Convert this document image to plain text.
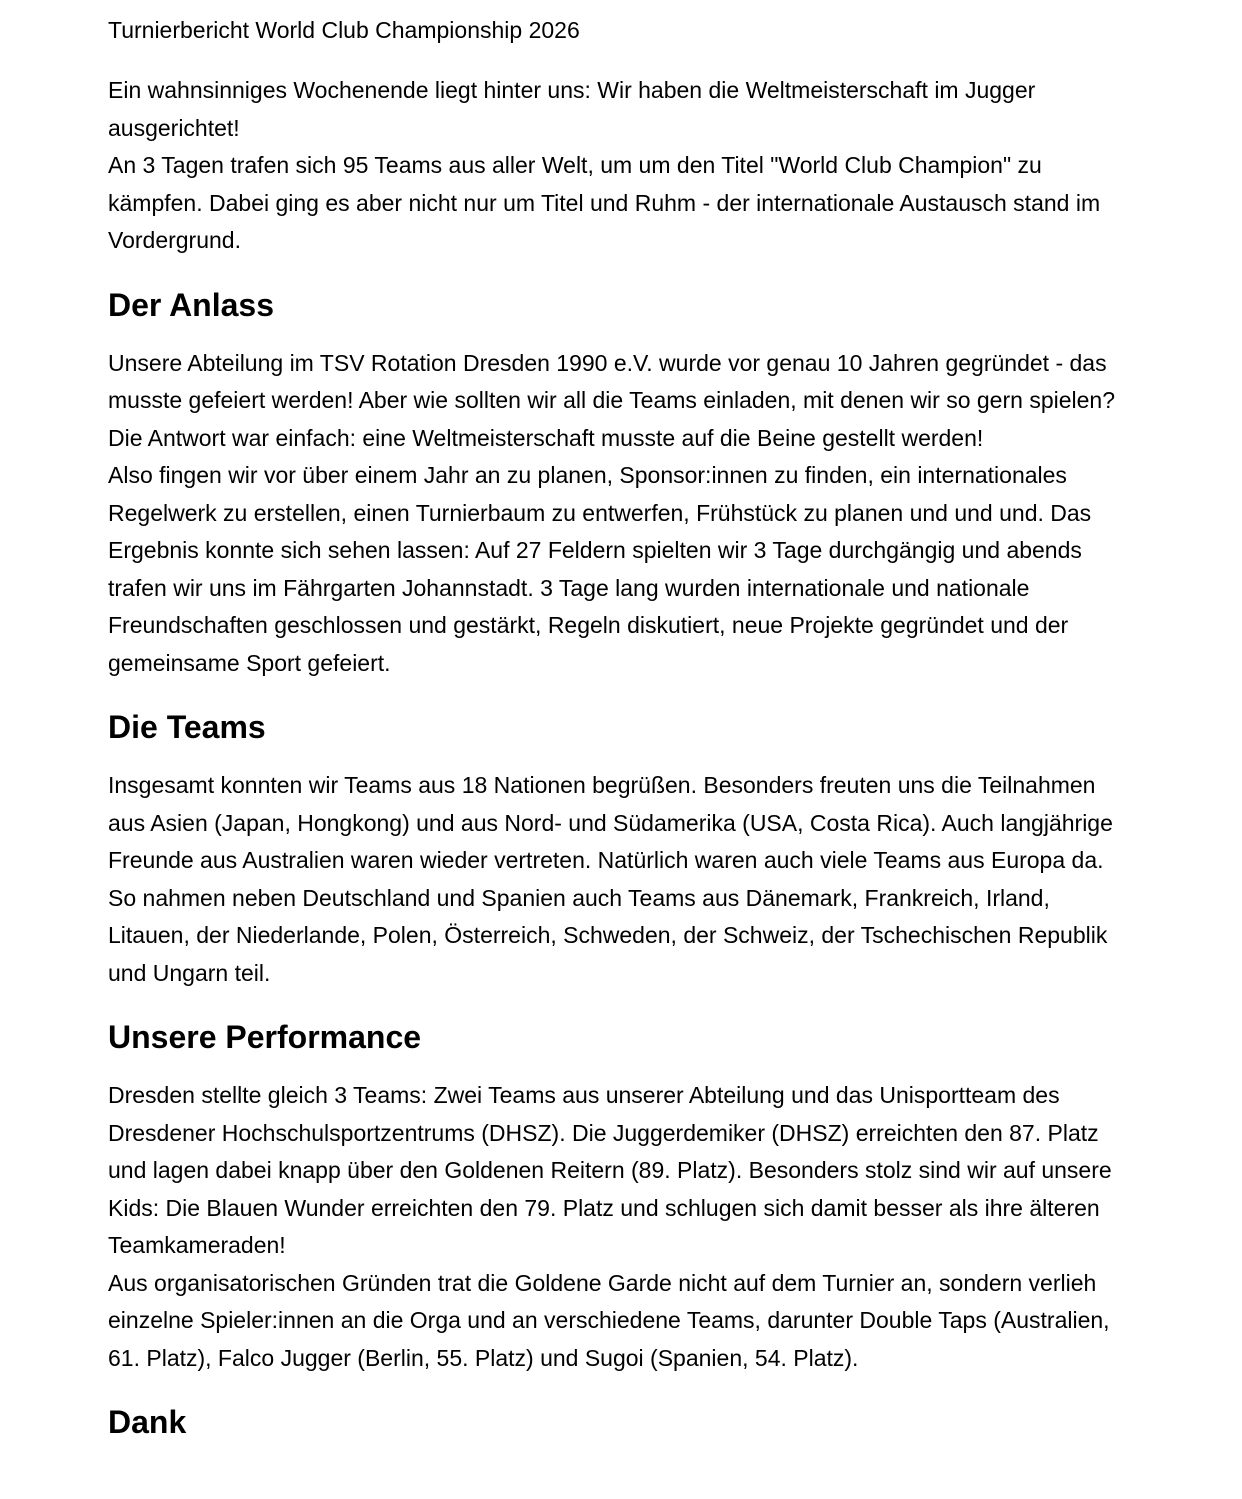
Turnierbericht World Club Championship 2026

Ein wahnsinniges Wochenende liegt hinter uns: Wir haben die Weltmeisterschaft im Jugger ausgerichtet!

An 3 Tagen trafen sich 95 Teams aus aller Welt, um um den Titel "World Club Champion" zu kämpfen. Dabei ging es aber nicht nur um Titel und Ruhm - der internationale Austausch stand im Vordergrund.

Der Anlass

Unsere Abteilung im TSV Rotation Dresden 1990 e.V. wurde vor genau 10 Jahren gegründet - das musste gefeiert werden! Aber wie sollten wir all die Teams einladen, mit denen wir so gern spielen? Die Antwort war einfach: eine Weltmeisterschaft musste auf die Beine gestellt werden!

Also fingen wir vor über einem Jahr an zu planen, Sponsor:innen zu finden, ein internationales Regelwerk zu erstellen, einen Turnierbaum zu entwerfen, Frühstück zu planen und und und. Das Ergebnis konnte sich sehen lassen: Auf 27 Feldern spielten wir 3 Tage durchgängig und abends trafen wir uns im Fährgarten Johannstadt. 3 Tage lang wurden internationale und nationale Freundschaften geschlossen und gestärkt, Regeln diskutiert, neue Projekte gegründet und der gemeinsame Sport gefeiert.

Die Teams

Insgesamt konnten wir Teams aus 18 Nationen begrüßen. Besonders freuten uns die Teilnahmen aus Asien (Japan, Hongkong) und aus Nord- und Südamerika (USA, Costa Rica). Auch langjährige Freunde aus Australien waren wieder vertreten. Natürlich waren auch viele Teams aus Europa da. So nahmen neben Deutschland und Spanien auch Teams aus Dänemark, Frankreich, Irland, Litauen, der Niederlande, Polen, Österreich, Schweden, der Schweiz, der Tschechischen Republik und Ungarn teil.

Unsere Performance

Dresden stellte gleich 3 Teams: Zwei Teams aus unserer Abteilung und das Unisportteam des Dresdener Hochschulsportzentrums (DHSZ). Die Juggerdemiker (DHSZ) erreichten den 87. Platz und lagen dabei knapp über den Goldenen Reitern (89. Platz). Besonders stolz sind wir auf unsere Kids: Die Blauen Wunder erreichten den 79. Platz und schlugen sich damit besser als ihre älteren Teamkameraden!

Aus organisatorischen Gründen trat die Goldene Garde nicht auf dem Turnier an, sondern verlieh einzelne Spieler:innen an die Orga und an verschiedene Teams, darunter Double Taps (Australien, 61. Platz), Falco Jugger (Berlin, 55. Platz) und Sugoi (Spanien, 54. Platz).

Dank
